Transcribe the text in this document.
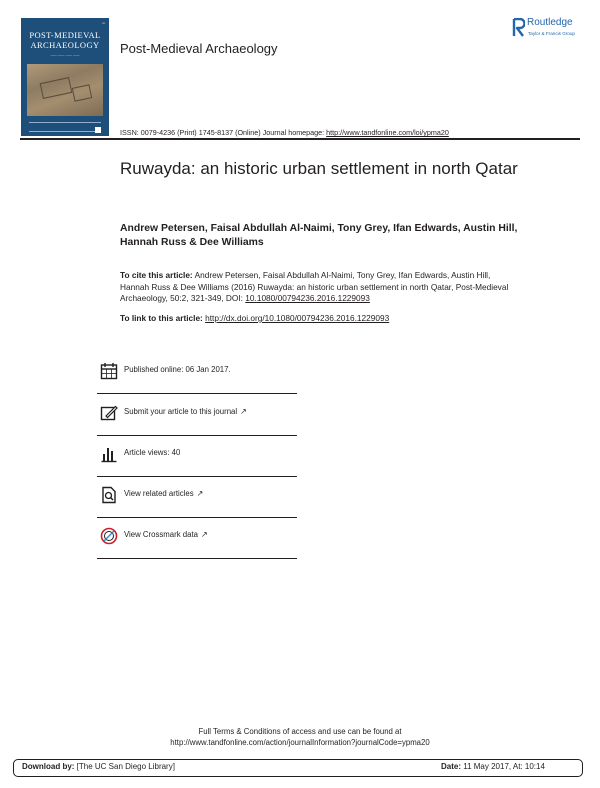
▪▪▪
POST-MEDIEVAL
ARCHAEOLOGY
—— —— —— ——	Post-Medieval Archaeology
ISSN: 0079-4236 (Print) 1745-8137 (Online) Journal homepage: http://www.tandfonline.com/loi/ypma20
Routledge
Taylor & Francis Group
Ruwayda: an historic urban settlement in north Qatar
Andrew Petersen, Faisal Abdullah Al-Naimi, Tony Grey, Ifan Edwards, Austin Hill, Hannah Russ & Dee Williams
To cite this article: Andrew Petersen, Faisal Abdullah Al-Naimi, Tony Grey, Ifan Edwards, Austin Hill, Hannah Russ & Dee Williams (2016) Ruwayda: an historic urban settlement in north Qatar, Post-Medieval Archaeology, 50:2, 321-349, DOI: 10.1080/00794236.2016.1229093
To link to this article: http://dx.doi.org/10.1080/00794236.2016.1229093
Published online: 06 Jan 2017.
Submit your article to this journal ↗
Article views: 40
View related articles ↗
View Crossmark data ↗
Full Terms & Conditions of access and use can be found at
http://www.tandfonline.com/action/journalInformation?journalCode=ypma20
Download by: [The UC San Diego Library]	Date: 11 May 2017, At: 10:14
